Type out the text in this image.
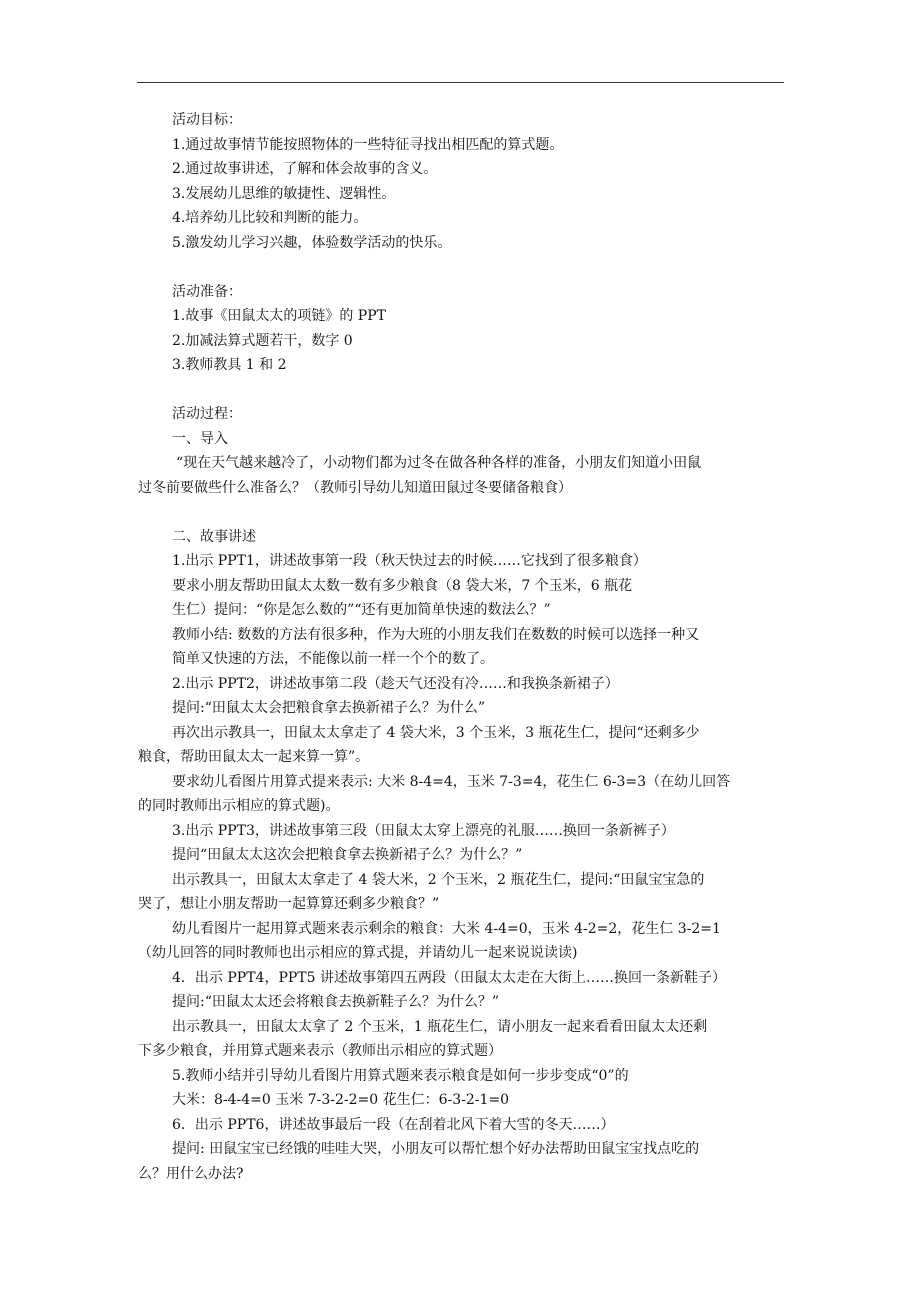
活动目标：

1.通过故事情节能按照物体的一些特征寻找出相匹配的算式题。

2.通过故事讲述，了解和体会故事的含义。

3.发展幼儿思维的敏捷性、逻辑性。

4.培养幼儿比较和判断的能力。

5.激发幼儿学习兴趣，体验数学活动的快乐。

活动准备：

1.故事《田鼠太太的项链》的 PPT

2.加减法算式题若干，数字 0

3.教师教具 1 和 2

活动过程：

一、导入

“现在天气越来越冷了，小动物们都为过冬在做各种各样的准备，小朋友们知道小田鼠

过冬前要做些什么准备么？（教师引导幼儿知道田鼠过冬要储备粮食）

二、故事讲述

1.出示 PPT1，讲述故事第一段（秋天快过去的时候……它找到了很多粮食）

要求小朋友帮助田鼠太太数一数有多少粮食（8 袋大米，7 个玉米，6 瓶花

生仁）提问：“你是怎么数的”“还有更加简单快速的数法么？”

教师小结: 数数的方法有很多种，作为大班的小朋友我们在数数的时候可以选择一种又

简单又快速的方法，不能像以前一样一个个的数了。

2.出示 PPT2，讲述故事第二段（趁天气还没有冷……和我换条新裙子）

提问:“田鼠太太会把粮食拿去换新裙子么？为什么”

再次出示教具一，田鼠太太拿走了 4 袋大米，3 个玉米，3 瓶花生仁，提问“还剩多少

粮食，帮助田鼠太太一起来算一算”。

要求幼儿看图片用算式提来表示: 大米 8-4=4，玉米 7-3=4，花生仁 6-3=3（在幼儿回答

的同时教师出示相应的算式题)。

3.出示 PPT3，讲述故事第三段（田鼠太太穿上漂亮的礼服……换回一条新裤子）

提问“田鼠太太这次会把粮食拿去换新裙子么？为什么？”

出示教具一，田鼠太太拿走了 4 袋大米，2 个玉米，2 瓶花生仁，提问:“田鼠宝宝急的

哭了，想让小朋友帮助一起算算还剩多少粮食？”

幼儿看图片一起用算式题来表示剩余的粮食：大米 4-4=0，玉米 4-2=2，花生仁 3-2=1

（幼儿回答的同时教师也出示相应的算式提，并请幼儿一起来说说读读)

4．出示 PPT4，PPT5 讲述故事第四五两段（田鼠太太走在大街上……换回一条新鞋子）

提问:“田鼠太太还会将粮食去换新鞋子么？为什么？”

出示教具一，田鼠太太拿了 2 个玉米，1 瓶花生仁，请小朋友一起来看看田鼠太太还剩

下多少粮食，并用算式题来表示（教师出示相应的算式题）

5.教师小结并引导幼儿看图片用算式题来表示粮食是如何一步步变成“0”的

大米：8-4-4=0 玉米 7-3-2-2=0 花生仁：6-3-2-1=0

6．出示 PPT6，讲述故事最后一段（在刮着北风下着大雪的冬天……）

提问: 田鼠宝宝已经饿的哇哇大哭，小朋友可以帮忙想个好办法帮助田鼠宝宝找点吃的

么？用什么办法?
